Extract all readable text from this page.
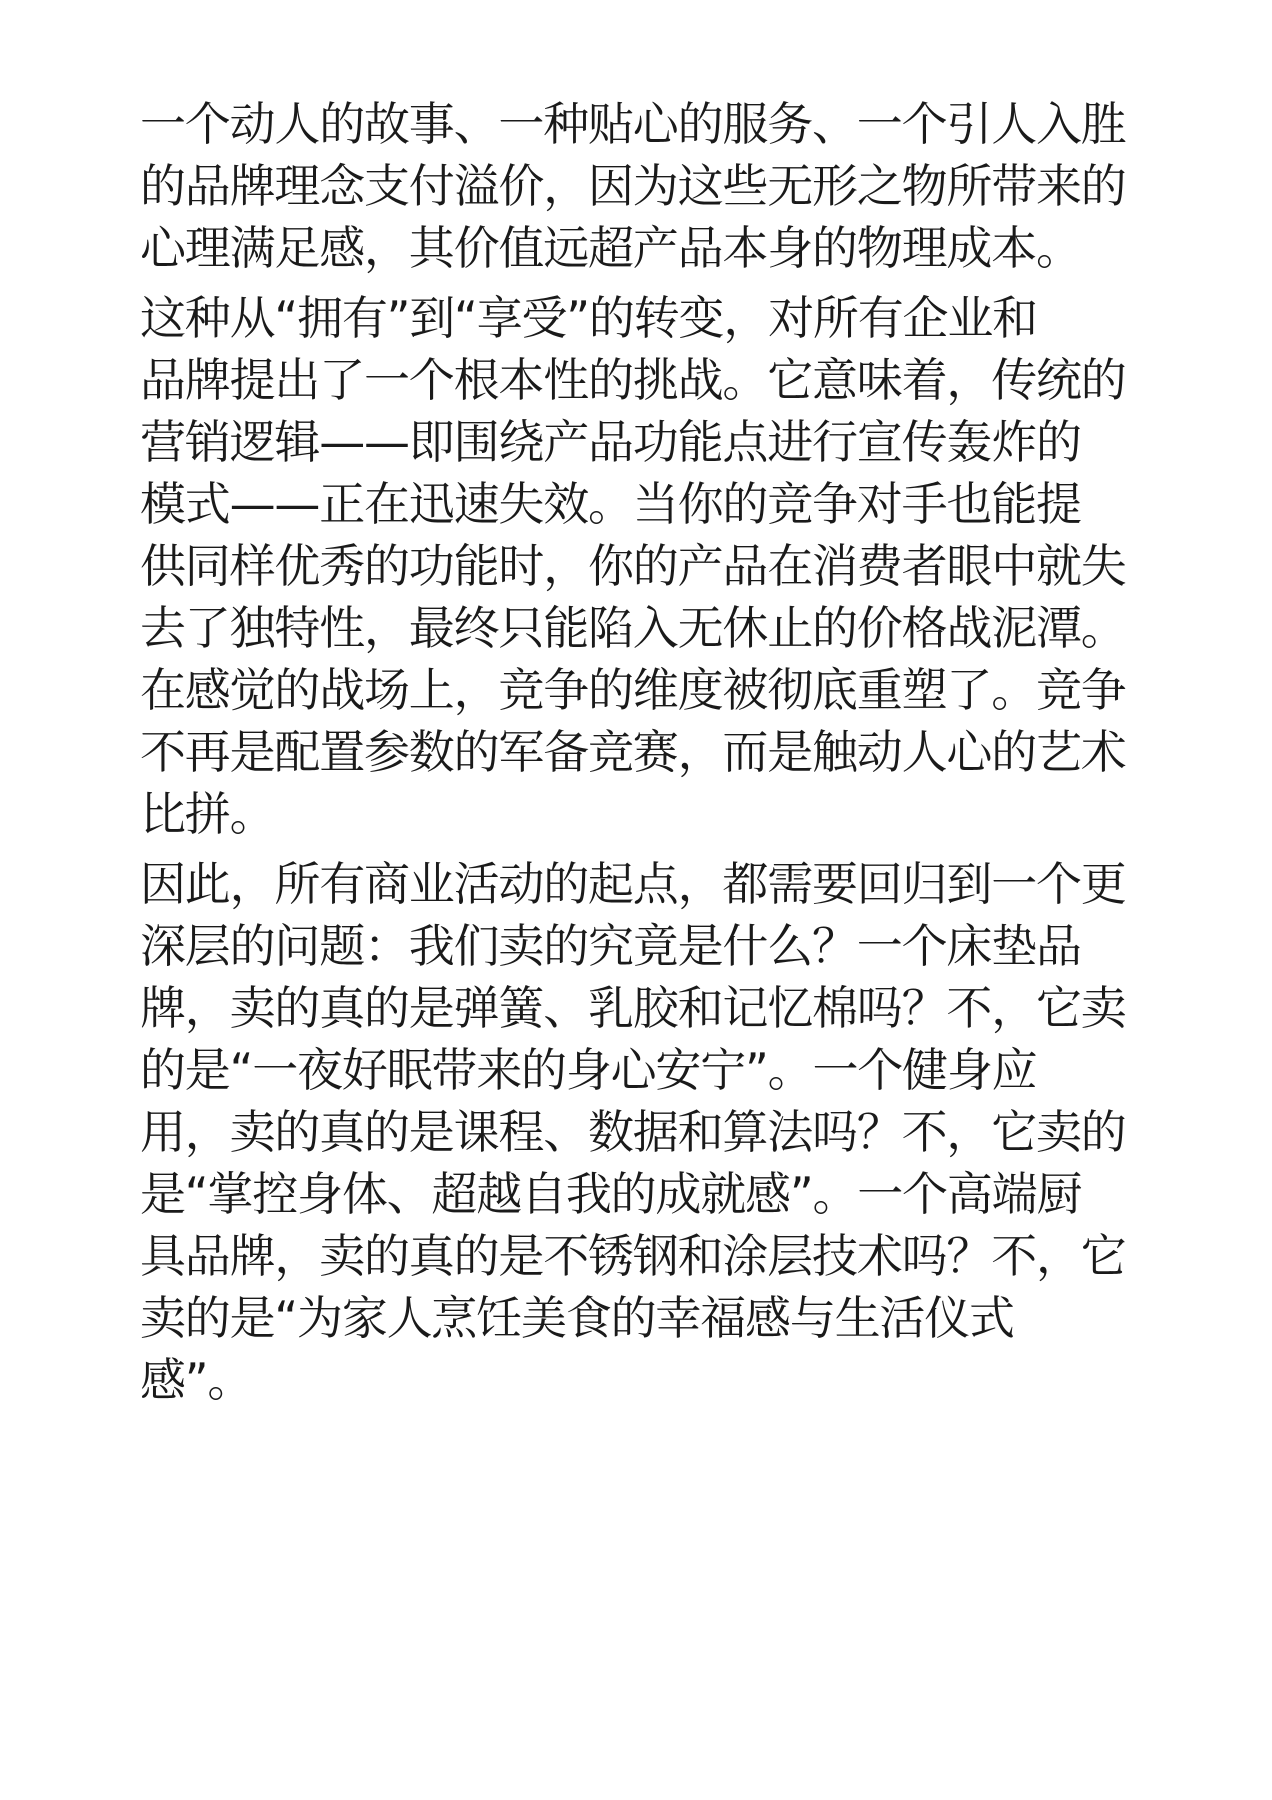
一个动人的故事、一种贴心的服务、一个引人入胜
的品牌理念支付溢价，因为这些无形之物所带来的
心理满足感，其价值远超产品本身的物理成本。

这种从“拥有”到“享受”的转变，对所有企业和
品牌提出了一个根本性的挑战。它意味着，传统的
营销逻辑——即围绕产品功能点进行宣传轰炸的
模式——正在迅速失效。当你的竞争对手也能提
供同样优秀的功能时，你的产品在消费者眼中就失
去了独特性，最终只能陷入无休止的价格战泥潭。
在感觉的战场上，竞争的维度被彻底重塑了。竞争
不再是配置参数的军备竞赛，而是触动人心的艺术
比拼。

因此，所有商业活动的起点，都需要回归到一个更
深层的问题：我们卖的究竟是什么？一个床垫品
牌，卖的真的是弹簧、乳胶和记忆棉吗？不，它卖
的是“一夜好眠带来的身心安宁”。一个健身应
用，卖的真的是课程、数据和算法吗？不，它卖的
是“掌控身体、超越自我的成就感”。一个高端厨
具品牌，卖的真的是不锈钢和涂层技术吗？不，它
卖的是“为家人烹饪美食的幸福感与生活仪式
感”。
